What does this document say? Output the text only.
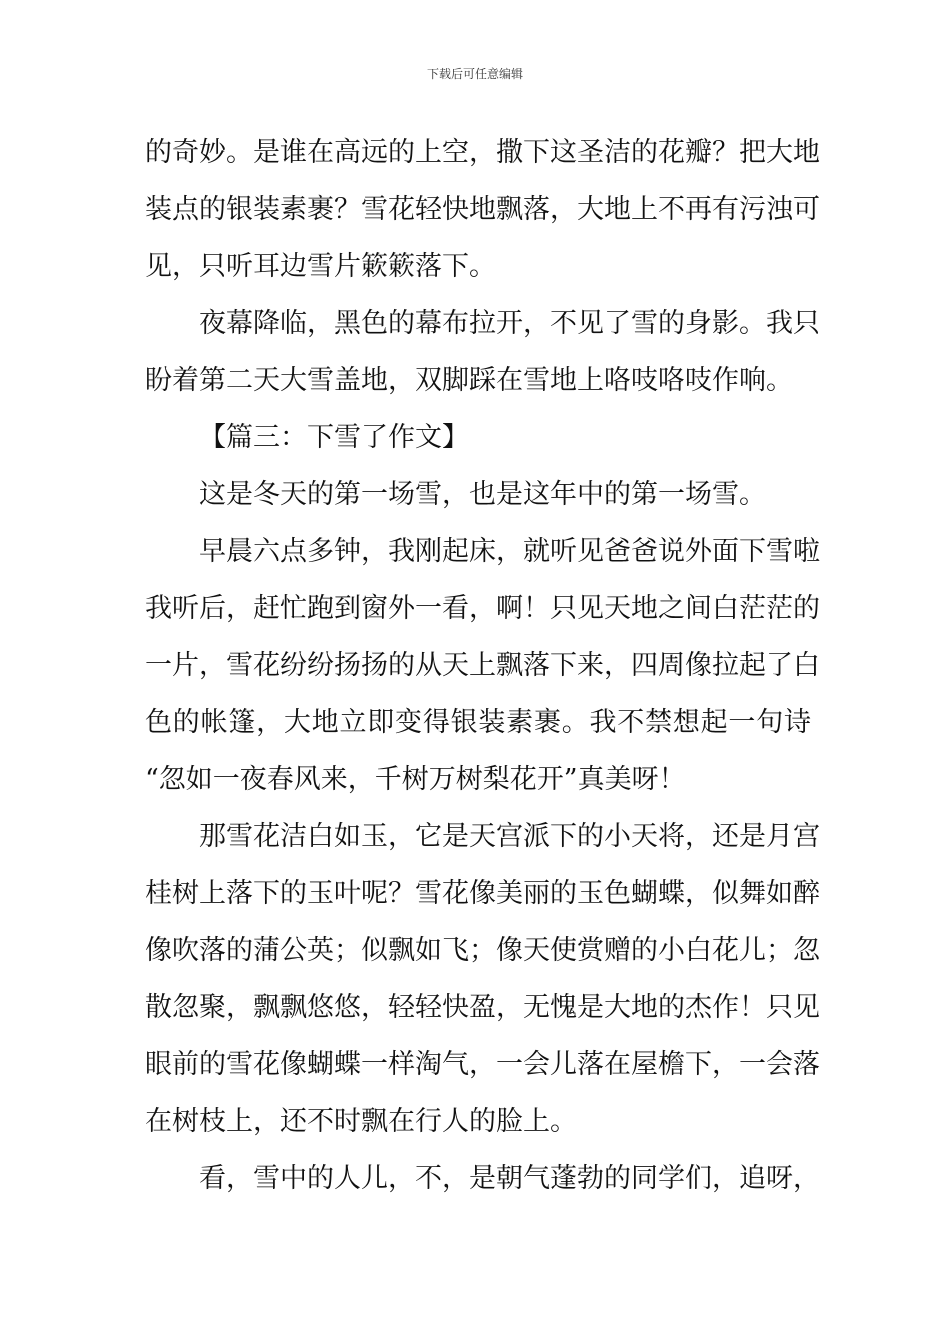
下载后可任意编辑
的奇妙。是谁在高远的上空，撒下这圣洁的花瓣？把大地
装点的银装素裹？雪花轻快地飘落，大地上不再有污浊可
见，只听耳边雪片簌簌落下。
夜幕降临，黑色的幕布拉开，不见了雪的身影。我只
盼着第二天大雪盖地，双脚踩在雪地上咯吱咯吱作响。
【篇三：下雪了作文】
这是冬天的第一场雪，也是这年中的第一场雪。
早晨六点多钟，我刚起床，就听见爸爸说外面下雪啦
我听后，赶忙跑到窗外一看，啊！只见天地之间白茫茫的
一片，雪花纷纷扬扬的从天上飘落下来，四周像拉起了白
色的帐篷，大地立即变得银装素裹。我不禁想起一句诗
“忽如一夜春风来，千树万树梨花开”真美呀！
那雪花洁白如玉，它是天宫派下的小天将，还是月宫
桂树上落下的玉叶呢？雪花像美丽的玉色蝴蝶，似舞如醉
像吹落的蒲公英；似飘如飞；像天使赏赠的小白花儿；忽
散忽聚，飘飘悠悠，轻轻快盈，无愧是大地的杰作！只见
眼前的雪花像蝴蝶一样淘气，一会儿落在屋檐下，一会落
在树枝上，还不时飘在行人的脸上。
看，雪中的人儿，不，是朝气蓬勃的同学们，追呀，
